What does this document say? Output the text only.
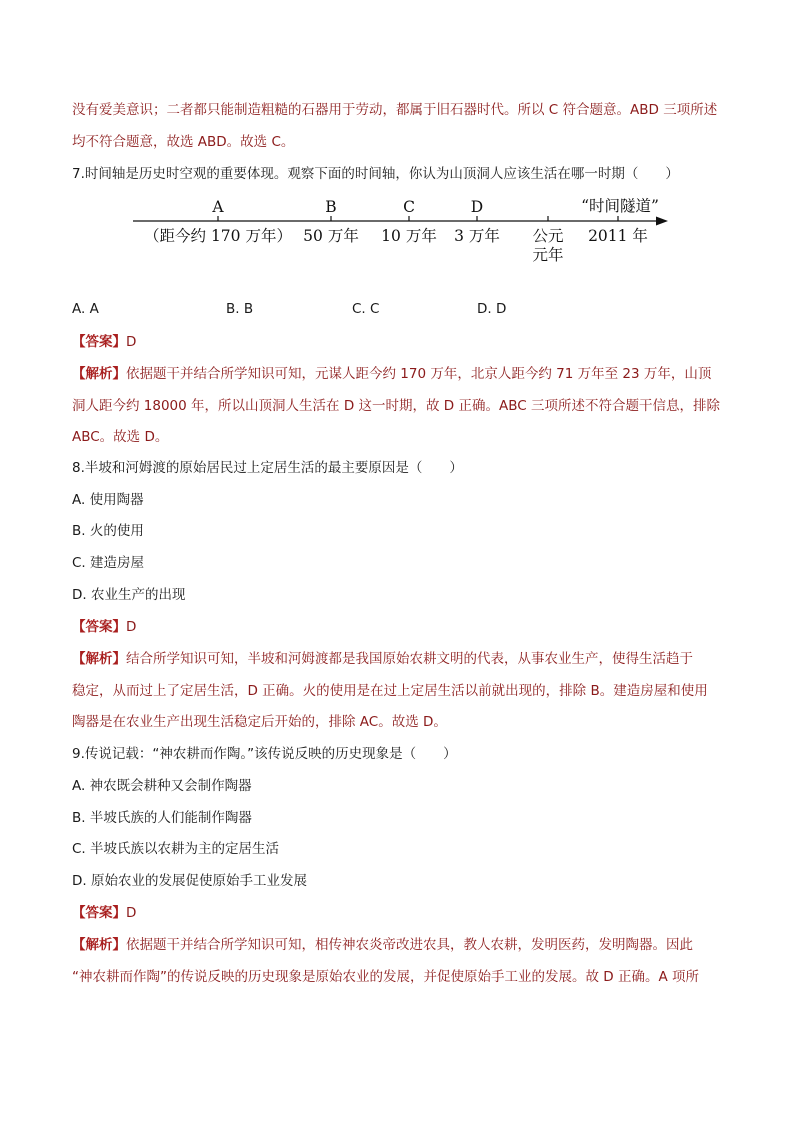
没有爱美意识；二者都只能制造粗糙的石器用于劳动，都属于旧石器时代。所以 C 符合题意。ABD 三项所述
均不符合题意，故选 ABD。故选 C。
7.时间轴是历史时空观的重要体现。观察下面的时间轴，你认为山顶洞人应该生活在哪一时期（　　）
A	B	C	D	“时间隧道”
（距今约 170 万年） 50 万年 10 万年 3 万年 公元
元年
2011 年
A. A	B. B	C. C	D. D
【答案】D
【解析】依据题干并结合所学知识可知，元谋人距今约 170 万年，北京人距今约 71 万年至 23 万年，山顶
洞人距今约 18000 年，所以山顶洞人生活在 D 这一时期，故 D 正确。ABC 三项所述不符合题干信息，排除
ABC。故选 D。
8.半坡和河姆渡的原始居民过上定居生活的最主要原因是（　　）
A. 使用陶器
B. 火的使用
C. 建造房屋
D. 农业生产的出现
【答案】D
【解析】结合所学知识可知，半坡和河姆渡都是我国原始农耕文明的代表，从事农业生产，使得生活趋于
稳定，从而过上了定居生活，D 正确。火的使用是在过上定居生活以前就出现的，排除 B。建造房屋和使用
陶器是在农业生产出现生活稳定后开始的，排除 AC。故选 D。
9.传说记载：“神农耕而作陶。”该传说反映的历史现象是（　　）
A. 神农既会耕种又会制作陶器
B. 半坡氏族的人们能制作陶器
C. 半坡氏族以农耕为主的定居生活
D. 原始农业的发展促使原始手工业发展
【答案】D
【解析】依据题干并结合所学知识可知，相传神农炎帝改进农具，教人农耕，发明医药，发明陶器。因此
“神农耕而作陶”的传说反映的历史现象是原始农业的发展，并促使原始手工业的发展。故 D 正确。A 项所
